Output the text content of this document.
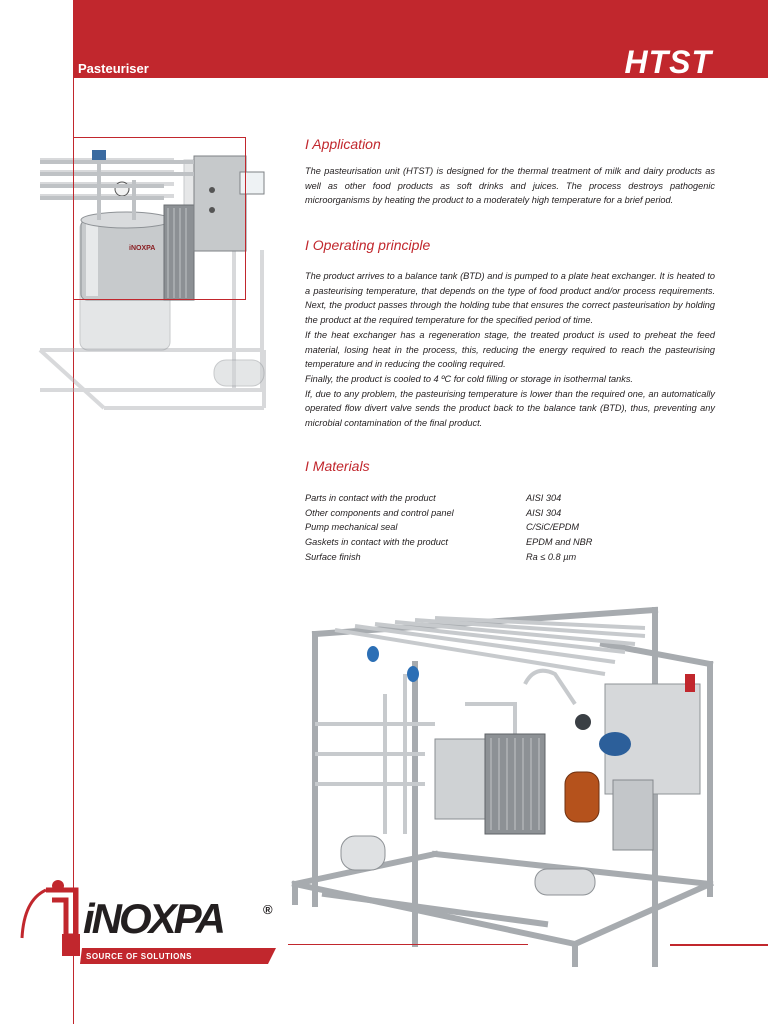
Pasteuriser	HTST
iNOXPA
I Application

The pasteurisation unit (HTST) is designed for the thermal treatment of milk and dairy products as well as other food products as soft drinks and juices. The process destroys pathogenic microorganisms by heating the product to a moderately high temperature for a brief period.

I Operating principle

The product arrives to a balance tank (BTD) and is pumped to a plate heat exchanger. It is heated to a pasteurising temperature, that depends on the type of food product and/or process requirements. Next, the product passes through the holding tube that ensures the correct pasteurisation by holding the product at the required temperature for the specified period of time.

If the heat exchanger has a regeneration stage, the treated product is used to preheat the feed material, losing heat in the process, this, reducing the energy required to reach the pasteurising temperature and in reducing the cooling required.

Finally, the product is cooled to 4 ºC for cold filling or storage in isothermal tanks.

If, due to any problem, the pasteurising temperature is lower than the required one, an automatically operated flow divert valve sends the product back to the balance tank (BTD), thus, preventing any microbial contamination of the final product.

I Materials
Parts in contact with the product	AISI 304
Other components and control panel	AISI 304
Pump mechanical seal	C/SiC/EPDM
Gaskets in contact with the product	EPDM and NBR
Surface finish	Ra ≤ 0.8 µm
iNOXPA	®
SOURCE OF SOLUTIONS
